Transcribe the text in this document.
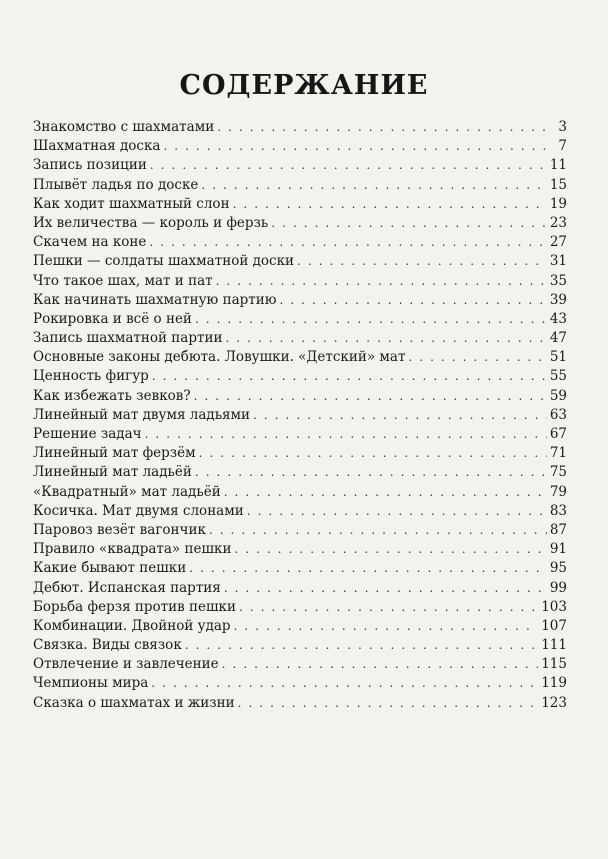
СОДЕРЖАНИЕ
Знакомство с шахматами . . .	3
Шахматная доска . . .	7
Запись позиции . . .	11
Плывёт ладья по доске . . .	15
Как ходит шахматный слон . . .	19
Их величества — король и ферзь . . .	23
Скачем на коне . . .	27
Пешки — солдаты шахматной доски . . .	31
Что такое шах, мат и пат . . .	35
Как начинать шахматную партию . . .	39
Рокировка и всё о ней . . .	43
Запись шахматной партии . . .	47
Основные законы дебюта. Ловушки. «Детский» мат . . .	51
Ценность фигур . . .	55
Как избежать зевков? . . .	59
Линейный мат двумя ладьями . . .	63
Решение задач . . .	67
Линейный мат ферзём . . .	71
Линейный мат ладьёй . . .	75
«Квадратный» мат ладьёй . . .	79
Косичка. Мат двумя слонами . . .	83
Паровоз везёт вагончик . . .	87
Правило «квадрата» пешки . . .	91
Какие бывают пешки . . .	95
Дебют. Испанская партия . . .	99
Борьба ферзя против пешки . . .	103
Комбинации. Двойной удар . . .	107
Связка. Виды связок . . .	111
Отвлечение и завлечение . . .	115
Чемпионы мира . . .	119
Сказка о шахматах и жизни . . .	123
